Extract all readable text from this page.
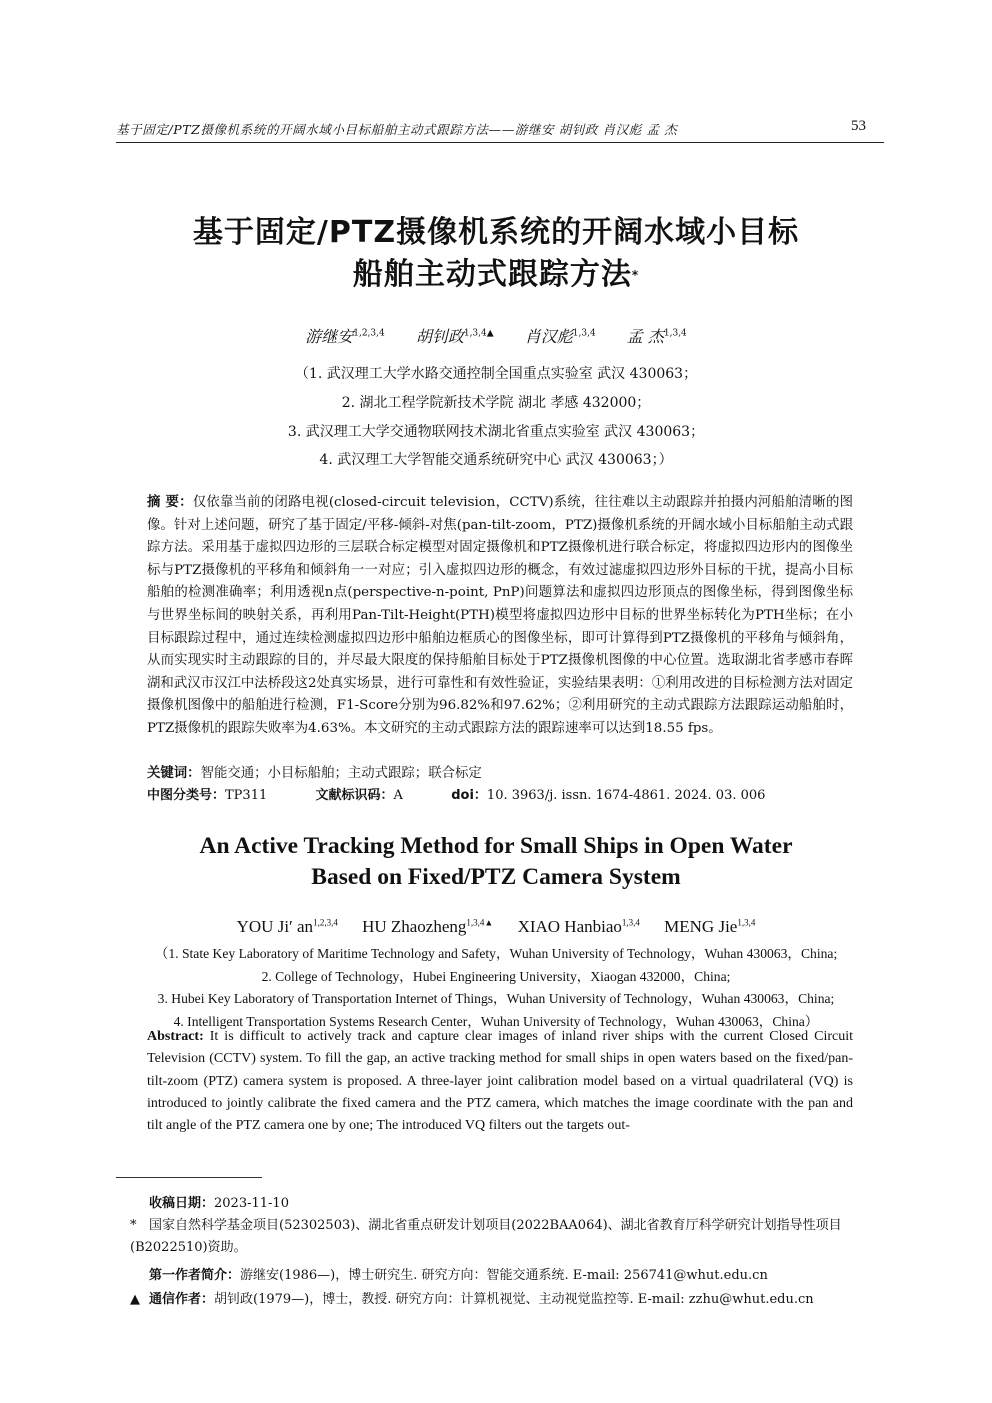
基于固定/PTZ摄像机系统的开阔水域小目标船舶主动式跟踪方法——游继安 胡钊政 肖汉彪 孟 杰	53
基于固定/PTZ摄像机系统的开阔水域小目标
船舶主动式跟踪方法*
游继安$^{1,2,3,4}$ 胡钊政$^{1,3,4▲}$ 肖汉彪$^{1,3,4}$ 孟 杰$^{1,3,4}$
（1. 武汉理工大学水路交通控制全国重点实验室 武汉 430063；
2. 湖北工程学院新技术学院 湖北 孝感 432000；
3. 武汉理工大学交通物联网技术湖北省重点实验室 武汉 430063；
4. 武汉理工大学智能交通系统研究中心 武汉 430063；）
摘 要：仅依靠当前的闭路电视(closed-circuit television，CCTV)系统，往往难以主动跟踪并拍摄内河船舶清晰的图像。针对上述问题，研究了基于固定/平移-倾斜-对焦(pan-tilt-zoom，PTZ)摄像机系统的开阔水域小目标船舶主动式跟踪方法。采用基于虚拟四边形的三层联合标定模型对固定摄像机和PTZ摄像机进行联合标定，将虚拟四边形内的图像坐标与PTZ摄像机的平移角和倾斜角一一对应；引入虚拟四边形的概念，有效过滤虚拟四边形外目标的干扰，提高小目标船舶的检测准确率；利用透视n点(perspective-n-point, PnP)问题算法和虚拟四边形顶点的图像坐标，得到图像坐标与世界坐标间的映射关系，再利用Pan-Tilt-Height(PTH)模型将虚拟四边形中目标的世界坐标转化为PTH坐标；在小目标跟踪过程中，通过连续检测虚拟四边形中船舶边框质心的图像坐标，即可计算得到PTZ摄像机的平移角与倾斜角，从而实现实时主动跟踪的目的，并尽最大限度的保持船舶目标处于PTZ摄像机图像的中心位置。选取湖北省孝感市春晖湖和武汉市汉江中法桥段这2处真实场景，进行可靠性和有效性验证，实验结果表明：①利用改进的目标检测方法对固定摄像机图像中的船舶进行检测，F1-Score分别为96.82%和97.62%；②利用研究的主动式跟踪方法跟踪运动船舶时，PTZ摄像机的跟踪失败率为4.63%。本文研究的主动式跟踪方法的跟踪速率可以达到18.55 fps。
关键词：智能交通；小目标船舶；主动式跟踪；联合标定
中图分类号：TP311	文献标识码：A	doi：10. 3963/j. issn. 1674-4861. 2024. 03. 006
An Active Tracking Method for Small Ships in Open Water
Based on Fixed/PTZ Camera System
YOU Ji′ an$^{1,2,3,4}$ HU Zhaozheng$^{1,3,4▲}$ XIAO Hanbiao$^{1,3,4}$ MENG Jie$^{1,3,4}$
（1. State Key Laboratory of Maritime Technology and Safety，Wuhan University of Technology，Wuhan 430063，China;
2. College of Technology，Hubei Engineering University，Xiaogan 432000，China;
3. Hubei Key Laboratory of Transportation Internet of Things，Wuhan University of Technology，Wuhan 430063，China;
4. Intelligent Transportation Systems Research Center，Wuhan University of Technology，Wuhan 430063，China）
Abstract: It is difficult to actively track and capture clear images of inland river ships with the current Closed Circuit Television (CCTV) system. To fill the gap, an active tracking method for small ships in open waters based on the fixed/pan-tilt-zoom (PTZ) camera system is proposed. A three-layer joint calibration model based on a virtual quadrilateral (VQ) is introduced to jointly calibrate the fixed camera and the PTZ camera, which matches the image coordinate with the pan and tilt angle of the PTZ camera one by one; The introduced VQ filters out the targets out-
收稿日期：2023-11-10
* 国家自然科学基金项目(52302503)、湖北省重点研发计划项目(2022BAA064)、湖北省教育厅科学研究计划指导性项目(B2022510)资助。
第一作者简介：游继安(1986—)，博士研究生. 研究方向：智能交通系统. E-mail: 256741@whut.edu.cn
▲ 通信作者：胡钊政(1979—)，博士，教授. 研究方向：计算机视觉、主动视觉监控等. E-mail: zzhu@whut.edu.cn
